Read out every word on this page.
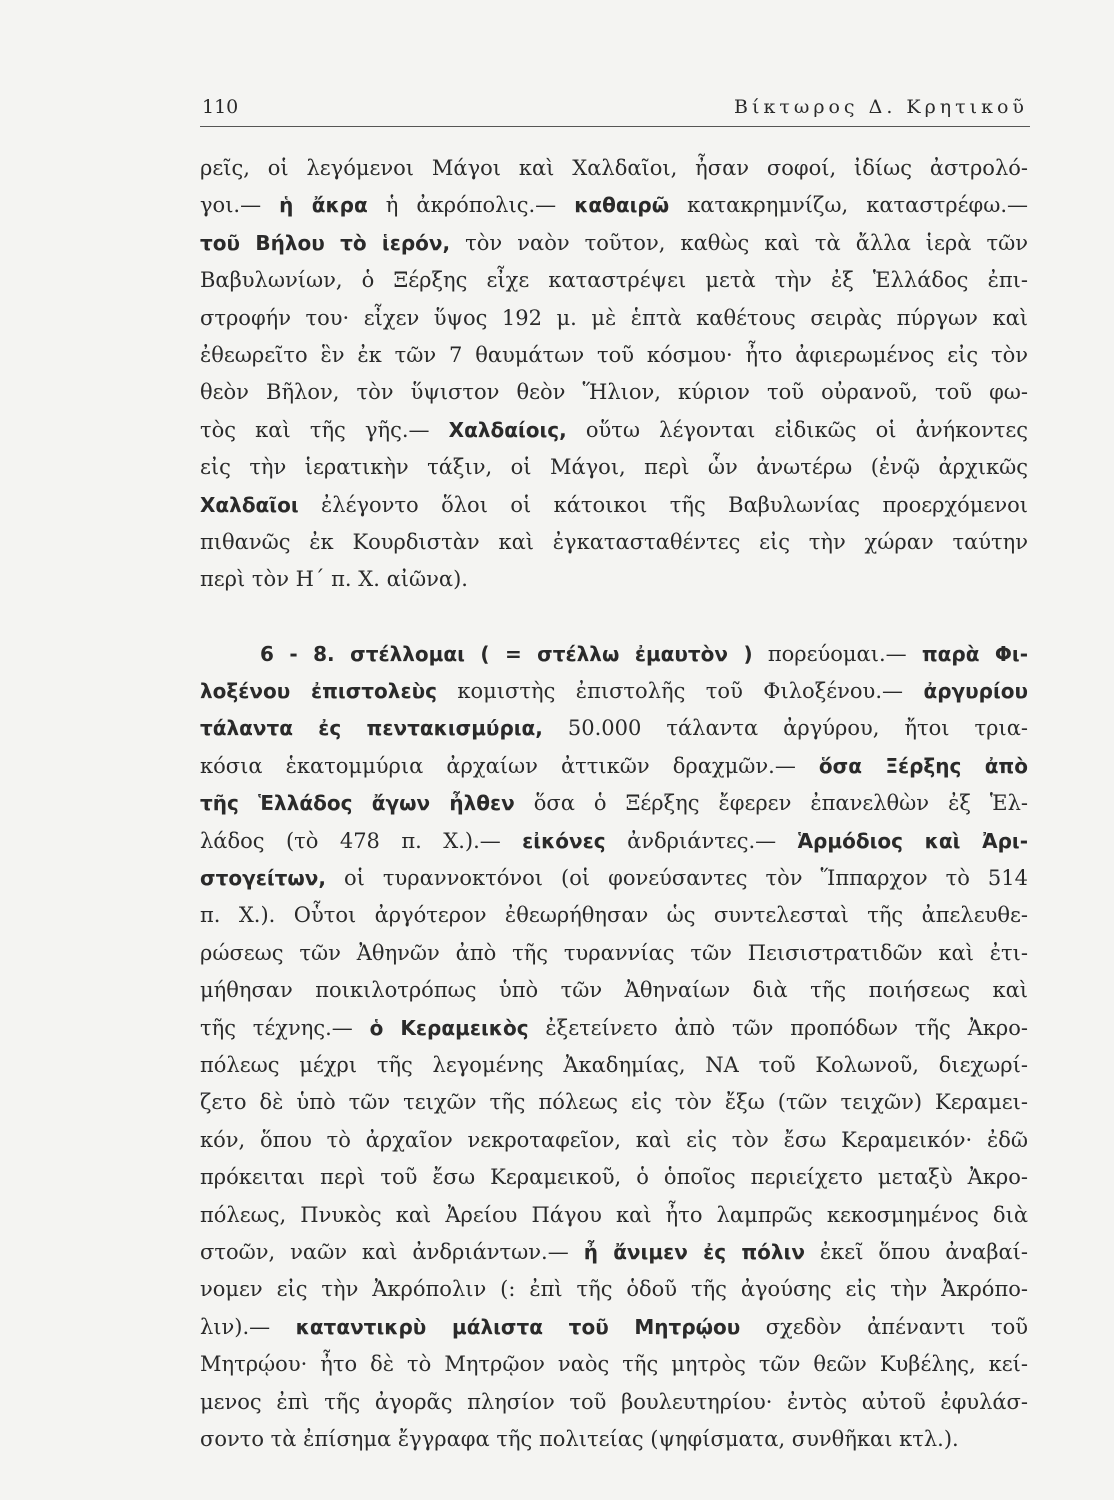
110	Βίκτωρος Δ. Κρητικοῦ
ρεῖς, οἱ λεγόμενοι Μάγοι καὶ Χαλδαῖοι, ἦσαν σοφοί, ἰδίως ἀστρολό-
γοι.— ἡ ἄκρα ἡ ἀκρόπολις.— καθαιρῶ κατακρημνίζω, καταστρέφω.—
τοῦ Βήλου τὸ ἱερόν, τὸν ναὸν τοῦτον, καθὼς καὶ τὰ ἄλλα ἱερὰ τῶν
Βαβυλωνίων, ὁ Ξέρξης εἶχε καταστρέψει μετὰ τὴν ἐξ Ἑλλάδος ἐπι-
στροφήν του· εἶχεν ὕψος 192 μ. μὲ ἑπτὰ καθέτους σειρὰς πύργων καὶ
ἐθεωρεῖτο ἓν ἐκ τῶν 7 θαυμάτων τοῦ κόσμου· ἦτο ἀφιερωμένος εἰς τὸν
θεὸν Βῆλον, τὸν ὕψιστον θεὸν Ἥλιον, κύριον τοῦ οὐρανοῦ, τοῦ φω-
τὸς καὶ τῆς γῆς.— Χαλδαίοις, οὕτω λέγονται εἰδικῶς οἱ ἀνήκοντες
εἰς τὴν ἱερατικὴν τάξιν, οἱ Μάγοι, περὶ ὧν ἀνωτέρω (ἐνῷ ἀρχικῶς
Χαλδαῖοι ἐλέγοντο ὅλοι οἱ κάτοικοι τῆς Βαβυλωνίας προερχόμενοι
πιθανῶς ἐκ Κουρδιστὰν καὶ ἐγκατασταθέντες εἰς τὴν χώραν ταύτην
περὶ τὸν Η΄ π. Χ. αἰῶνα).
6 - 8. στέλλομαι ( = στέλλω ἐμαυτὸν ) πορεύομαι.— παρὰ Φι-
λοξένου ἐπιστολεὺς κομιστὴς ἐπιστολῆς τοῦ Φιλοξένου.— ἀργυρίου
τάλαντα ἐς πεντακισμύρια, 50.000 τάλαντα ἀργύρου, ἤτοι τρια-
κόσια ἑκατομμύρια ἀρχαίων ἀττικῶν δραχμῶν.— ὅσα Ξέρξης ἀπὸ
τῆς Ἑλλάδος ἄγων ἦλθεν ὅσα ὁ Ξέρξης ἔφερεν ἐπανελθὼν ἐξ Ἑλ-
λάδος (τὸ 478 π. Χ.).— εἰκόνες ἀνδριάντες.— Ἁρμόδιος καὶ Ἀρι-
στογείτων, οἱ τυραννοκτόνοι (οἱ φονεύσαντες τὸν Ἵππαρχον τὸ 514
π. Χ.). Οὗτοι ἀργότερον ἐθεωρήθησαν ὡς συντελεσταὶ τῆς ἀπελευθε-
ρώσεως τῶν Ἀθηνῶν ἀπὸ τῆς τυραννίας τῶν Πεισιστρατιδῶν καὶ ἐτι-
μήθησαν ποικιλοτρόπως ὑπὸ τῶν Ἀθηναίων διὰ τῆς ποιήσεως καὶ
τῆς τέχνης.— ὁ Κεραμεικὸς ἐξετείνετο ἀπὸ τῶν προπόδων τῆς Ἀκρο-
πόλεως μέχρι τῆς λεγομένης Ἀκαδημίας, ΝΑ τοῦ Κολωνοῦ, διεχωρί-
ζετο δὲ ὑπὸ τῶν τειχῶν τῆς πόλεως εἰς τὸν ἔξω (τῶν τειχῶν) Κεραμει-
κόν, ὅπου τὸ ἀρχαῖον νεκροταφεῖον, καὶ εἰς τὸν ἔσω Κεραμεικόν· ἐδῶ
πρόκειται περὶ τοῦ ἔσω Κεραμεικοῦ, ὁ ὁποῖος περιείχετο μεταξὺ Ἀκρο-
πόλεως, Πνυκὸς καὶ Ἀρείου Πάγου καὶ ἦτο λαμπρῶς κεκοσμημένος διὰ
στοῶν, ναῶν καὶ ἀνδριάντων.— ἦ ἄνιμεν ἐς πόλιν ἐκεῖ ὅπου ἀναβαί-
νομεν εἰς τὴν Ἀκρόπολιν (: ἐπὶ τῆς ὁδοῦ τῆς ἀγούσης εἰς τὴν Ἀκρόπο-
λιν).— καταντικρὺ μάλιστα τοῦ Μητρῴου σχεδὸν ἀπέναντι τοῦ
Μητρῴου· ἦτο δὲ τὸ Μητρῷον ναὸς τῆς μητρὸς τῶν θεῶν Κυβέλης, κεί-
μενος ἐπὶ τῆς ἀγορᾶς πλησίον τοῦ βουλευτηρίου· ἐντὸς αὐτοῦ ἐφυλάσ-
σοντο τὰ ἐπίσημα ἔγγραφα τῆς πολιτείας (ψηφίσματα, συνθῆκαι κτλ.).
